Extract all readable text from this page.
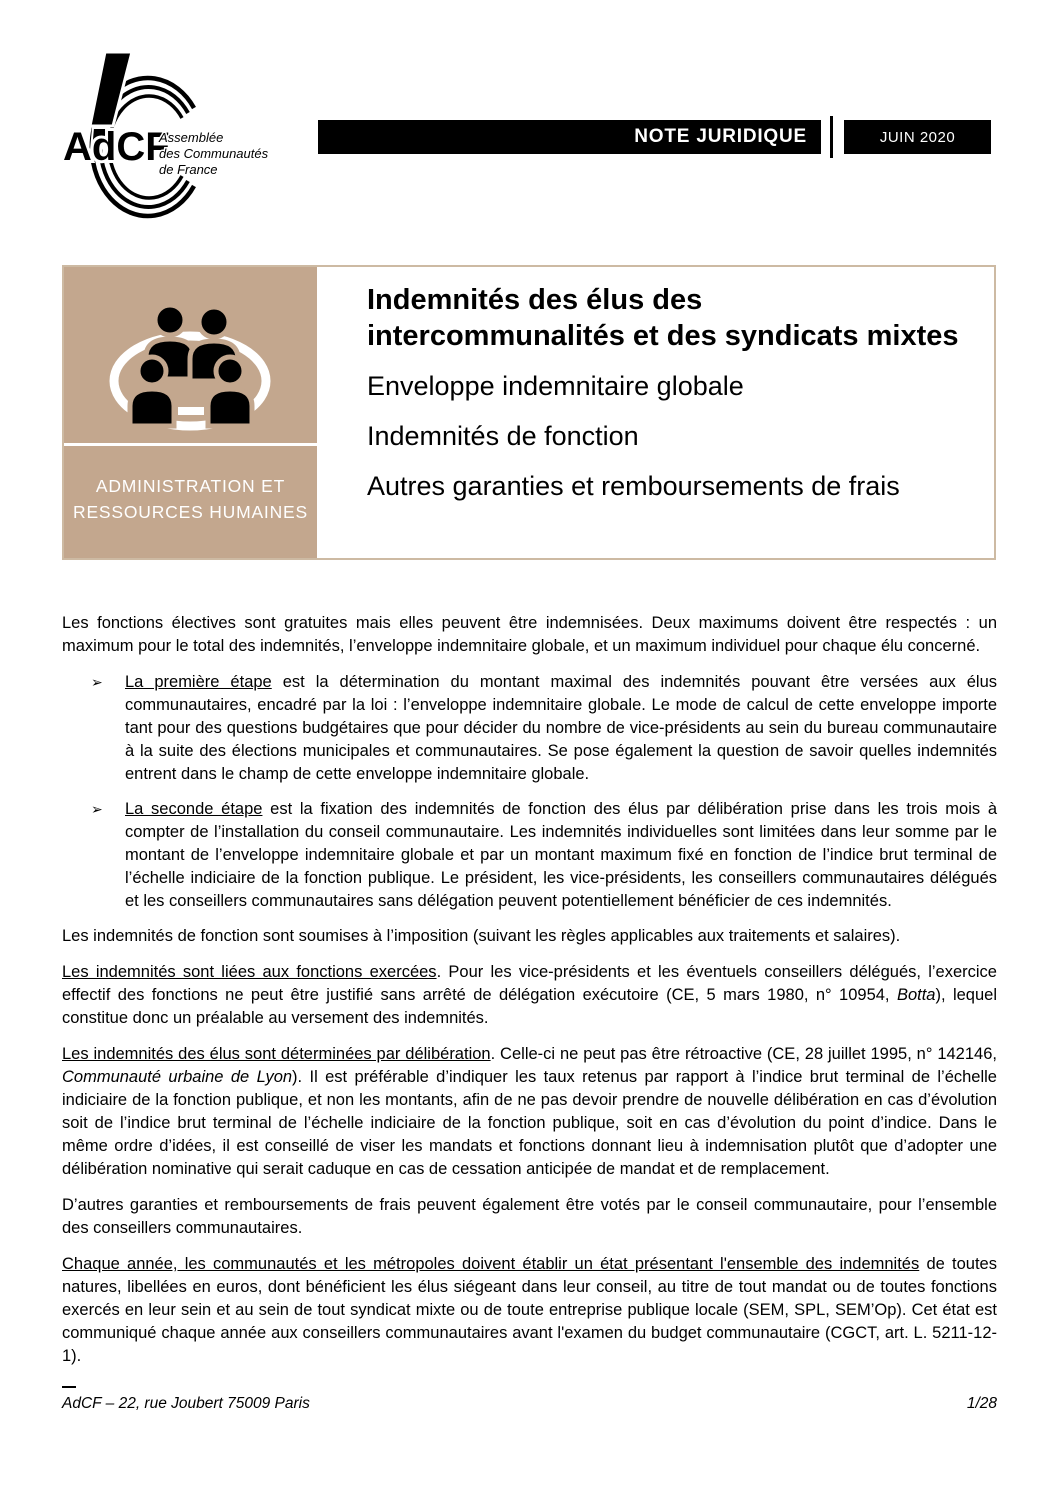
AdCF
Assemblée
des Communautés
de France
NOTE JURIDIQUE	JUIN 2020
ADMINISTRATION ET
RESSOURCES HUMAINES
Indemnités des élus des intercommunalités et des syndicats mixtes
Enveloppe indemnitaire globale
Indemnités de fonction
Autres garanties et remboursements de frais
Les fonctions électives sont gratuites mais elles peuvent être indemnisées. Deux maximums doivent être respectés : un maximum pour le total des indemnités, l’enveloppe indemnitaire globale, et un maximum individuel pour chaque élu concerné.
➢	La première étape est la détermination du montant maximal des indemnités pouvant être versées aux élus communautaires, encadré par la loi : l’enveloppe indemnitaire globale. Le mode de calcul de cette enveloppe importe tant pour des questions budgétaires que pour décider du nombre de vice-présidents au sein du bureau communautaire à la suite des élections municipales et communautaires. Se pose également la question de savoir quelles indemnités entrent dans le champ de cette enveloppe indemnitaire globale.
➢	La seconde étape est la fixation des indemnités de fonction des élus par délibération prise dans les trois mois à compter de l’installation du conseil communautaire. Les indemnités individuelles sont limitées dans leur somme par le montant de l’enveloppe indemnitaire globale et par un montant maximum fixé en fonction de l’indice brut terminal de l’échelle indiciaire de la fonction publique. Le président, les vice-présidents, les conseillers communautaires délégués et les conseillers communautaires sans délégation peuvent potentiellement bénéficier de ces indemnités.
Les indemnités de fonction sont soumises à l’imposition (suivant les règles applicables aux traitements et salaires).
Les indemnités sont liées aux fonctions exercées. Pour les vice-présidents et les éventuels conseillers délégués, l’exercice effectif des fonctions ne peut être justifié sans arrêté de délégation exécutoire (CE, 5 mars 1980, n° 10954, Botta), lequel constitue donc un préalable au versement des indemnités.
Les indemnités des élus sont déterminées par délibération. Celle-ci ne peut pas être rétroactive (CE, 28 juillet 1995, n° 142146, Communauté urbaine de Lyon). Il est préférable d’indiquer les taux retenus par rapport à l’indice brut terminal de l’échelle indiciaire de la fonction publique, et non les montants, afin de ne pas devoir prendre de nouvelle délibération en cas d’évolution soit de l’indice brut terminal de l’échelle indiciaire de la fonction publique, soit en cas d’évolution du point d’indice. Dans le même ordre d’idées, il est conseillé de viser les mandats et fonctions donnant lieu à indemnisation plutôt que d’adopter une délibération nominative qui serait caduque en cas de cessation anticipée de mandat et de remplacement.
D’autres garanties et remboursements de frais peuvent également être votés par le conseil communautaire, pour l’ensemble des conseillers communautaires.
Chaque année, les communautés et les métropoles doivent établir un état présentant l'ensemble des indemnités de toutes natures, libellées en euros, dont bénéficient les élus siégeant dans leur conseil, au titre de tout mandat ou de toutes fonctions exercés en leur sein et au sein de tout syndicat mixte ou de toute entreprise publique locale (SEM, SPL, SEM’Op). Cet état est communiqué chaque année aux conseillers communautaires avant l'examen du budget communautaire (CGCT, art. L. 5211-12-1).
AdCF – 22, rue Joubert 75009 Paris	1/28
